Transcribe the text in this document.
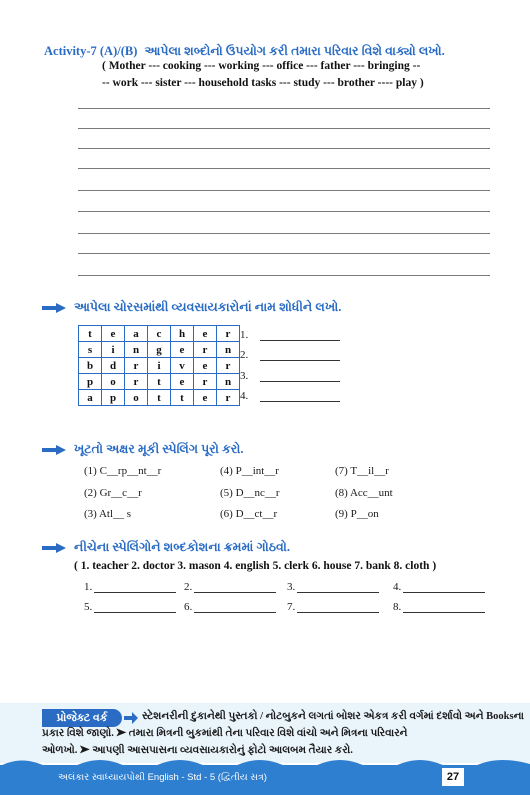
Activity-7 (A)/(B) આપેલા શબ્દોનો ઉપયોગ કરી તમારા પરિવાર વિશે વાક્યો લખો.
( Mother --- cooking --- working --- office --- father --- bringing --
-- work --- sister --- household tasks --- study --- brother ---- play )
આપેલા ચોરસમાંથી વ્યવસાયકારોનાં નામ શોધીને લખો.
t	e	a	c	h	e	r
s	i	n	g	e	r	n
b	d	r	i	v	e	r
p	o	r	t	e	r	n
a	p	o	t	t	e	r
1.
2.
3.
4.
ખૂટતો અક્ષર મૂકી સ્પેલિંગ પૂરો કરો.
(1) C__rp__nt__r	(4) P__int__r	(7) T__il__r
(2) Gr__c__r	(5) D__nc__r	(8) Acc__unt
(3) Atl__ s	(6) D__ct__r	(9) P__on
નીચેના સ્પેલિંગોને શબ્દકોશના ક્રમમાં ગોઠવો.
( 1. teacher 2. doctor 3. mason 4. english 5. clerk 6. house 7. bank 8. cloth )
1.	2.	3.	4.
5.	6.	7.	8.
પ્રોજેક્ટ વર્ક	સ્ટેશનરીની દુકાનેથી પુસ્તકો / નોટબુકને લગતાં બોશર એકત્ર કરી વર્ગમાં દર્શાવો અને Booksના
પ્રકાર વિશે જાણો. ➤ તમારા મિત્રની બુકમાંથી તેના પરિવાર વિશે વાંચો અને મિત્રના પરિવારને
ઓળખો. ➤ આપણી આસપાસના વ્યવસાયકારોનું ફોટો આલબમ તૈયાર કરો.
અલંકાર સ્વાધ્યાયપોથી English - Std - 5 (દ્વિતીય સત્ર)	27
